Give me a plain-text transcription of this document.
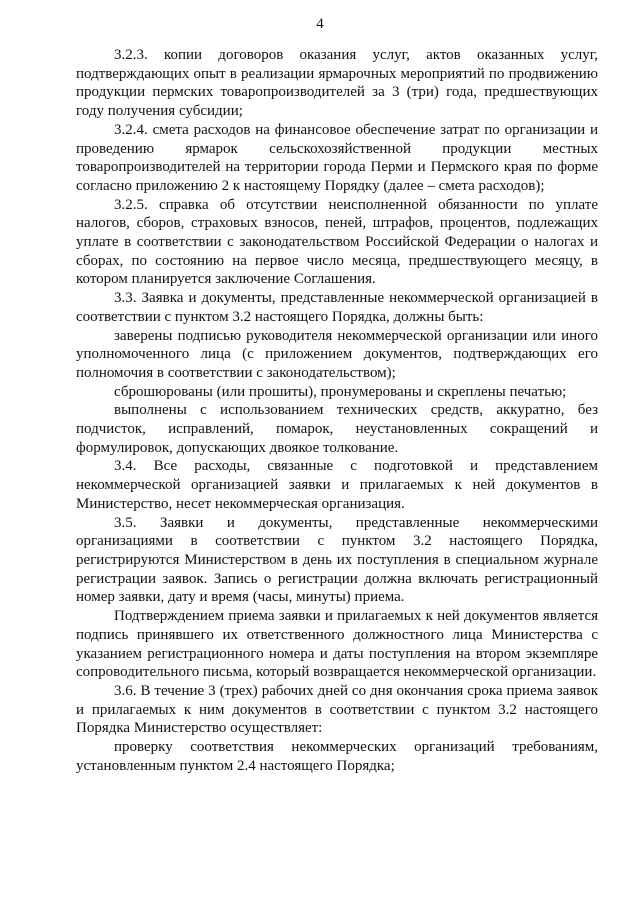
4

3.2.3. копии договоров оказания услуг, актов оказанных услуг, подтверждающих опыт в реализации ярмарочных мероприятий по продвижению продукции пермских товаропроизводителей за 3 (три) года, предшествующих году получения субсидии;

3.2.4. смета расходов на финансовое обеспечение затрат по организации и проведению ярмарок сельскохозяйственной продукции местных товаропроизводителей на территории города Перми и Пермского края по форме согласно приложению 2 к настоящему Порядку (далее – смета расходов);

3.2.5. справка об отсутствии неисполненной обязанности по уплате налогов, сборов, страховых взносов, пеней, штрафов, процентов, подлежащих уплате в соответствии с законодательством Российской Федерации о налогах и сборах, по состоянию на первое число месяца, предшествующего месяцу, в котором планируется заключение Соглашения.

3.3. Заявка и документы, представленные некоммерческой организацией в соответствии с пунктом 3.2 настоящего Порядка, должны быть:

заверены подписью руководителя некоммерческой организации или иного уполномоченного лица (с приложением документов, подтверждающих его полномочия в соответствии с законодательством);

сброшюрованы (или прошиты), пронумерованы и скреплены печатью;

выполнены с использованием технических средств, аккуратно, без подчисток, исправлений, помарок, неустановленных сокращений и формулировок, допускающих двоякое толкование.

3.4. Все расходы, связанные с подготовкой и представлением некоммерческой организацией заявки и прилагаемых к ней документов в Министерство, несет некоммерческая организация.

3.5. Заявки и документы, представленные некоммерческими организациями в соответствии с пунктом 3.2 настоящего Порядка, регистрируются Министерством в день их поступления в специальном журнале регистрации заявок. Запись о регистрации должна включать регистрационный номер заявки, дату и время (часы, минуты) приема.

Подтверждением приема заявки и прилагаемых к ней документов является подпись принявшего их ответственного должностного лица Министерства с указанием регистрационного номера и даты поступления на втором экземпляре сопроводительного письма, который возвращается некоммерческой организации.

3.6. В течение 3 (трех) рабочих дней со дня окончания срока приема заявок и прилагаемых к ним документов в соответствии с пунктом 3.2 настоящего Порядка Министерство осуществляет:

проверку соответствия некоммерческих организаций требованиям, установленным пунктом 2.4 настоящего Порядка;
